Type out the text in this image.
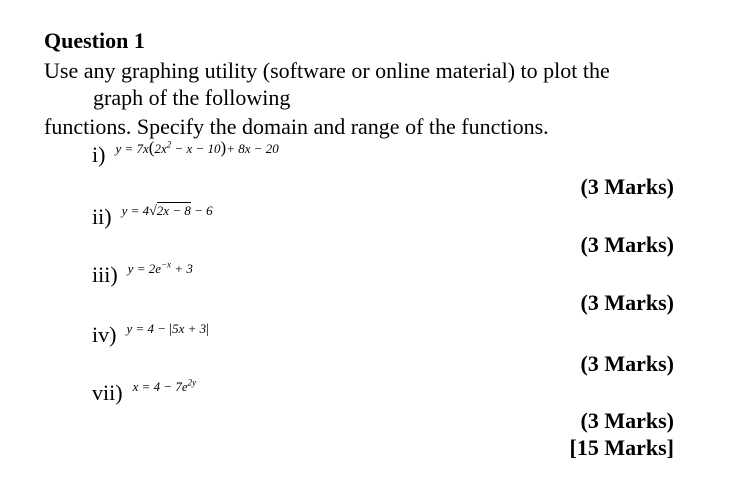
Question 1
Use any graphing utility (software or online material) to plot the
graph of the following
functions. Specify the domain and range of the functions.
i) $y = 7x(2x^2 - x - 10)+ 8x - 20$
(3 Marks)
ii) y = 4√2x − 8 − 6
(3 Marks)
iii) $y = 2e^{-x} + 3$
(3 Marks)
iv) y = 4 − |5x + 3|
(3 Marks)
vii) $x = 4 - 7e^{2y}$
(3 Marks)
[15 Marks]
